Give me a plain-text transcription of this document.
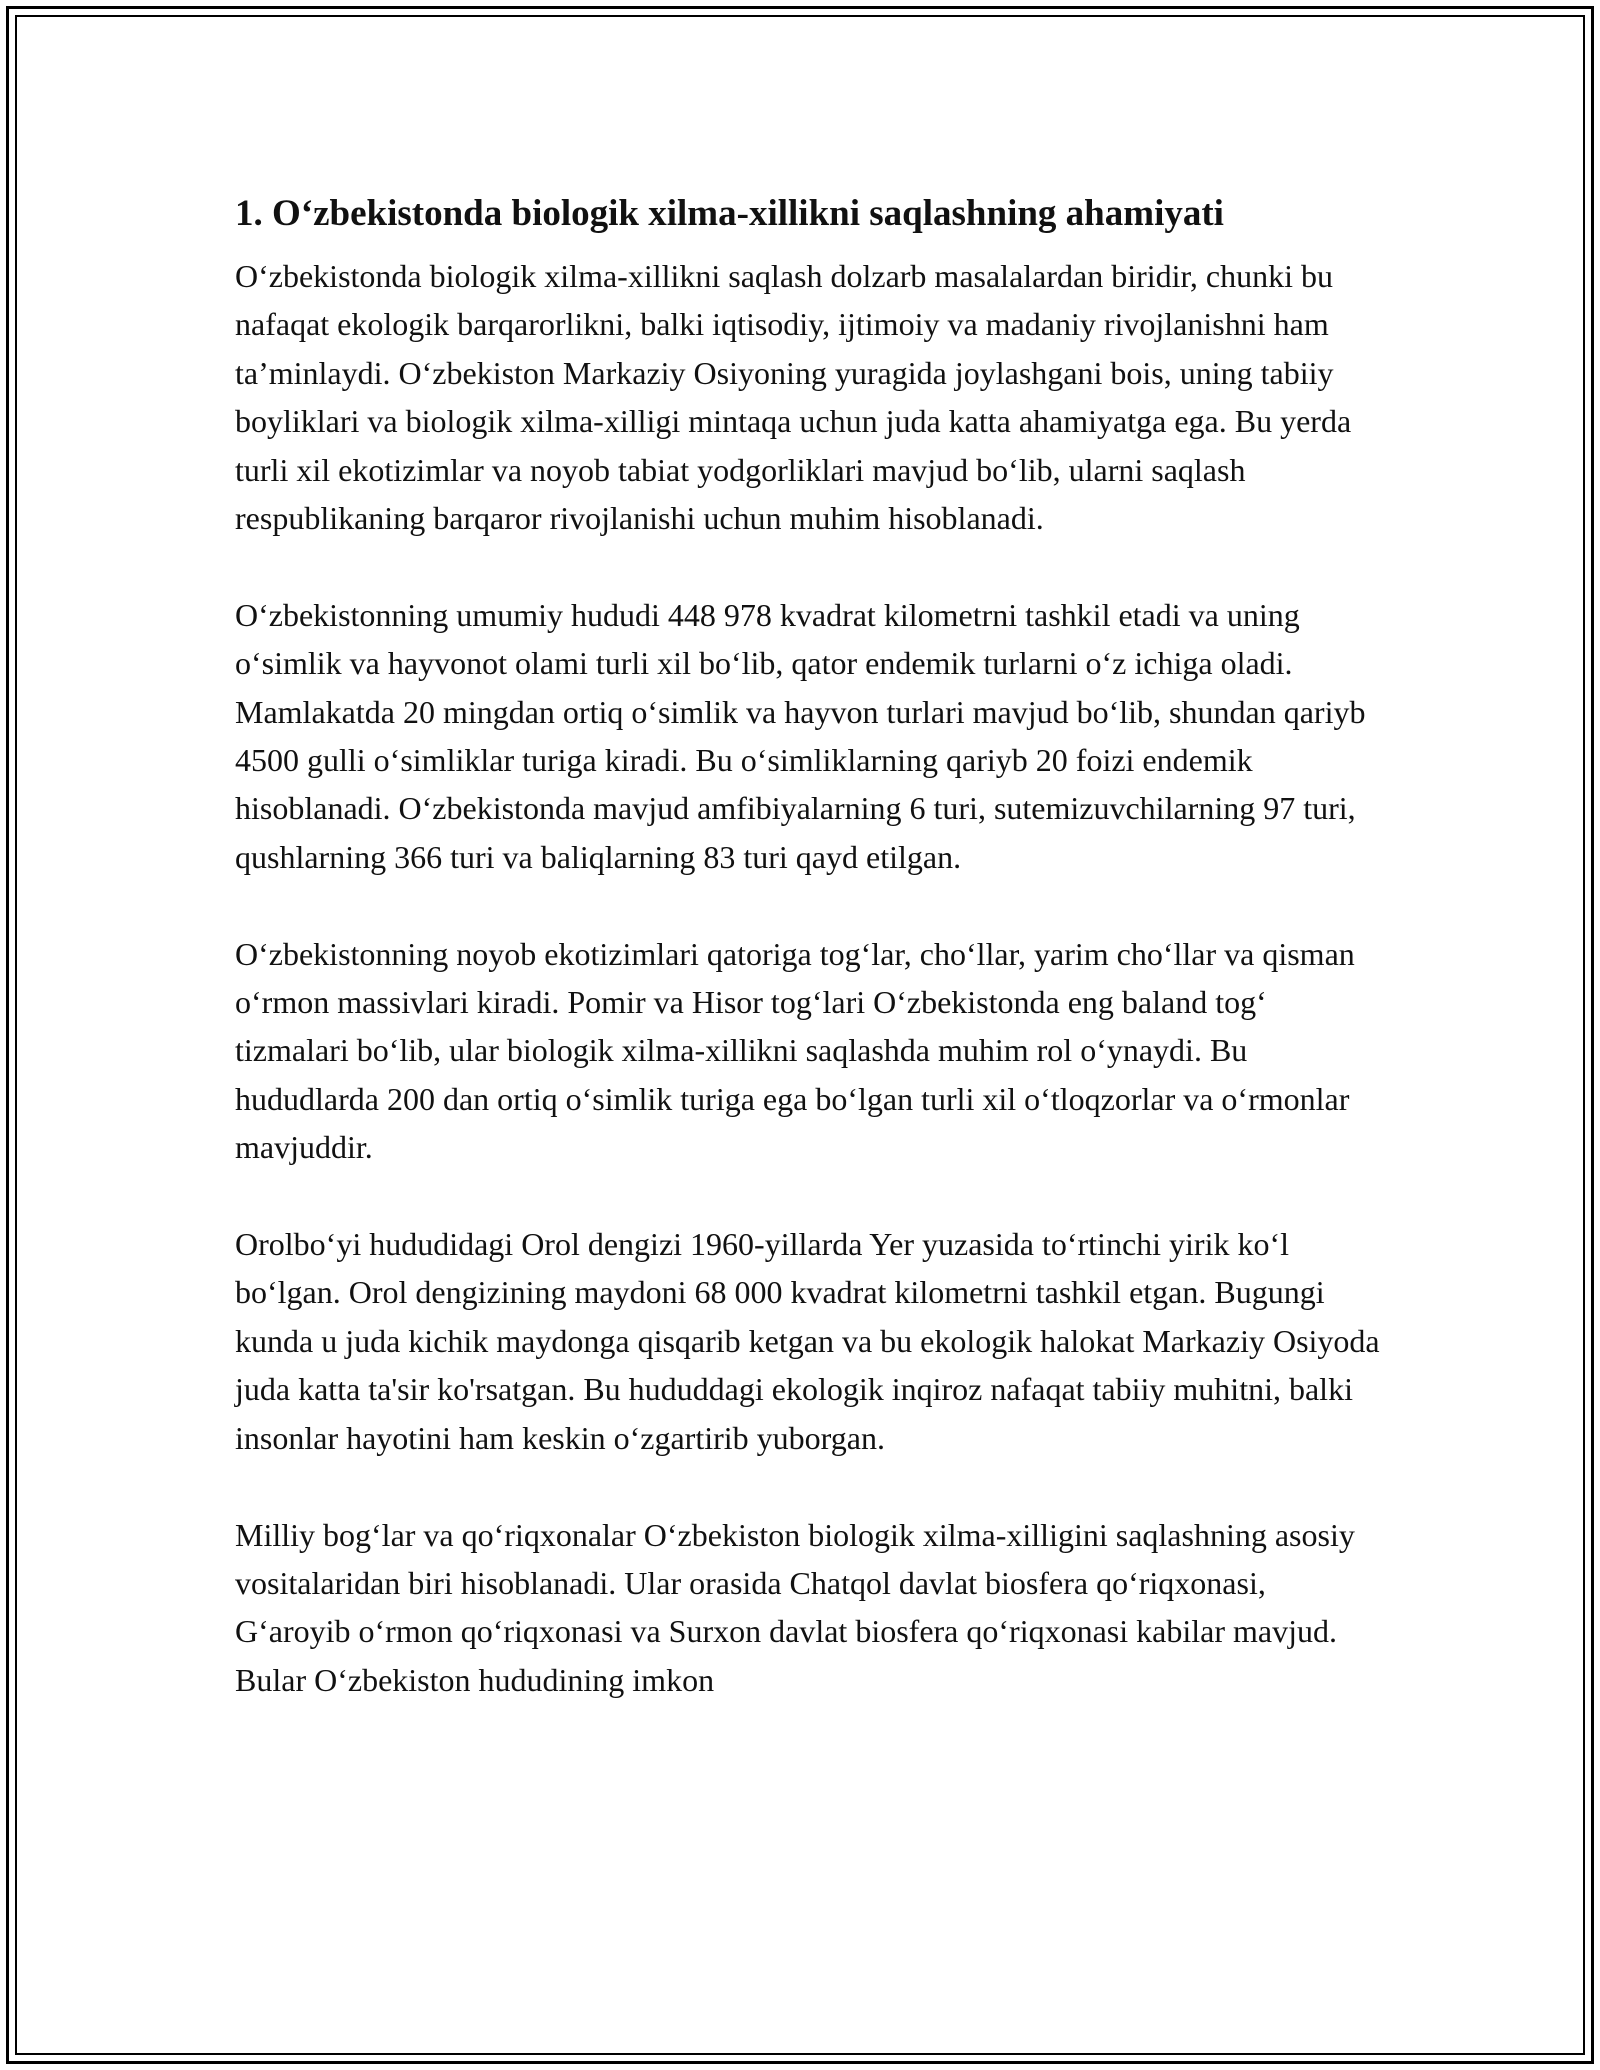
1. O‘zbekistonda biologik xilma-xillikni saqlashning ahamiyati

O‘zbekistonda biologik xilma-xillikni saqlash dolzarb masalalardan biridir, chunki bu nafaqat ekologik barqarorlikni, balki iqtisodiy, ijtimoiy va madaniy rivojlanishni ham ta’minlaydi. O‘zbekiston Markaziy Osiyoning yuragida joylashgani bois, uning tabiiy boyliklari va biologik xilma-xilligi mintaqa uchun juda katta ahamiyatga ega. Bu yerda turli xil ekotizimlar va noyob tabiat yodgorliklari mavjud bo‘lib, ularni saqlash respublikaning barqaror rivojlanishi uchun muhim hisoblanadi.

O‘zbekistonning umumiy hududi 448 978 kvadrat kilometrni tashkil etadi va uning o‘simlik va hayvonot olami turli xil bo‘lib, qator endemik turlarni o‘z ichiga oladi. Mamlakatda 20 mingdan ortiq o‘simlik va hayvon turlari mavjud bo‘lib, shundan qariyb 4500 gulli o‘simliklar turiga kiradi. Bu o‘simliklarning qariyb 20 foizi endemik hisoblanadi. O‘zbekistonda mavjud amfibiyalarning 6 turi, sutemizuvchilarning 97 turi, qushlarning 366 turi va baliqlarning 83 turi qayd etilgan.

O‘zbekistonning noyob ekotizimlari qatoriga tog‘lar, cho‘llar, yarim cho‘llar va qisman o‘rmon massivlari kiradi. Pomir va Hisor tog‘lari O‘zbekistonda eng baland tog‘ tizmalari bo‘lib, ular biologik xilma-xillikni saqlashda muhim rol o‘ynaydi. Bu hududlarda 200 dan ortiq o‘simlik turiga ega bo‘lgan turli xil o‘tloqzorlar va o‘rmonlar mavjuddir.

Orolbo‘yi hududidagi Orol dengizi 1960-yillarda Yer yuzasida to‘rtinchi yirik ko‘l bo‘lgan. Orol dengizining maydoni 68 000 kvadrat kilometrni tashkil etgan. Bugungi kunda u juda kichik maydonga qisqarib ketgan va bu ekologik halokat Markaziy Osiyoda juda katta ta'sir ko'rsatgan. Bu hududdagi ekologik inqiroz nafaqat tabiiy muhitni, balki insonlar hayotini ham keskin o‘zgartirib yuborgan.

Milliy bog‘lar va qo‘riqxonalar O‘zbekiston biologik xilma-xilligini saqlashning asosiy vositalaridan biri hisoblanadi. Ular orasida Chatqol davlat biosfera qo‘riqxonasi, G‘aroyib o‘rmon qo‘riqxonasi va Surxon davlat biosfera qo‘riqxonasi kabilar mavjud. Bular O‘zbekiston hududining imkon
